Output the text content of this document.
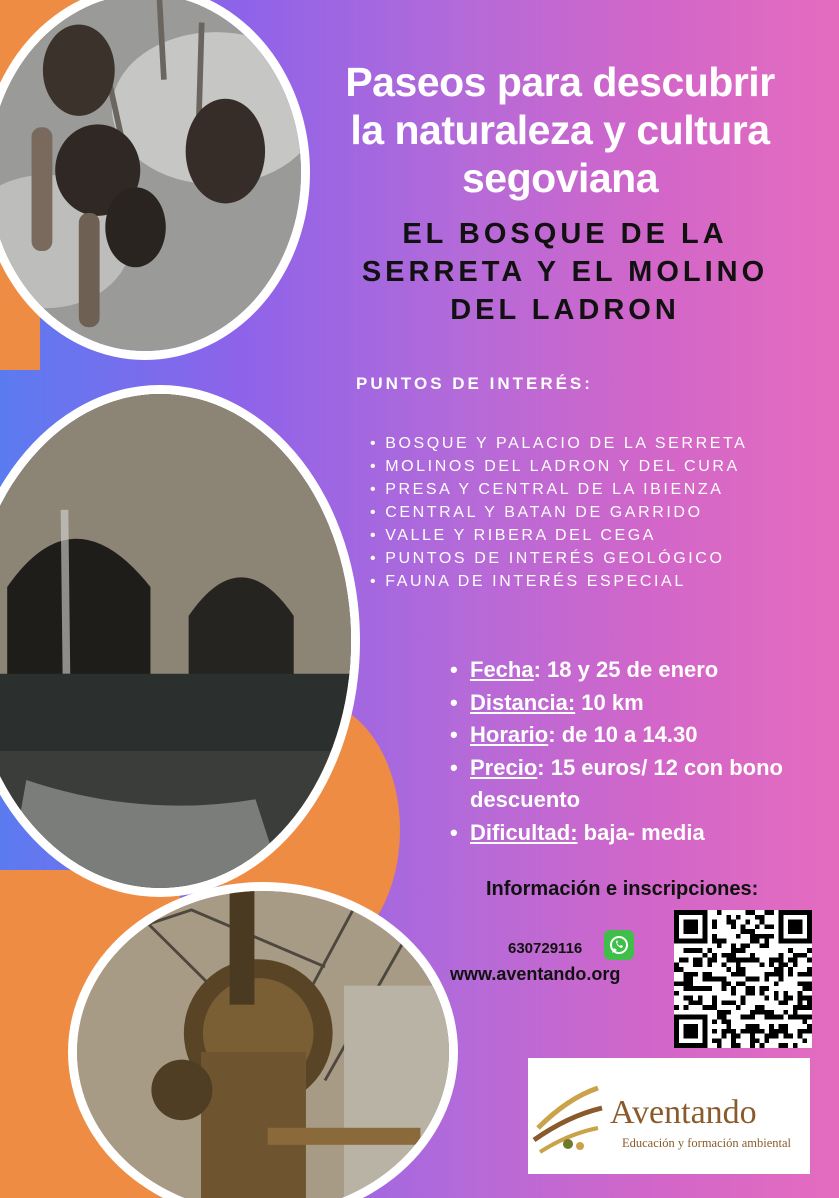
Paseos para descubrir
la naturaleza y cultura
segoviana
EL BOSQUE DE LA
SERRETA Y EL MOLINO
DEL LADRON
PUNTOS DE INTERÉS:
• BOSQUE Y PALACIO DE LA SERRETA
• MOLINOS DEL LADRON Y DEL CURA
• PRESA Y CENTRAL DE LA IBIENZA
• CENTRAL Y BATAN DE GARRIDO
• VALLE Y RIBERA DEL CEGA
• PUNTOS DE INTERÉS GEOLÓGICO
• FAUNA DE INTERÉS ESPECIAL
• Fecha: 18 y 25 de enero
• Distancia: 10 km
• Horario: de 10 a 14.30
• Precio: 15 euros/ 12 con bono descuento
• Dificultad: baja- media
Información e inscripciones:
630729116
www.aventando.org
Aventando
Educación y formación ambiental
